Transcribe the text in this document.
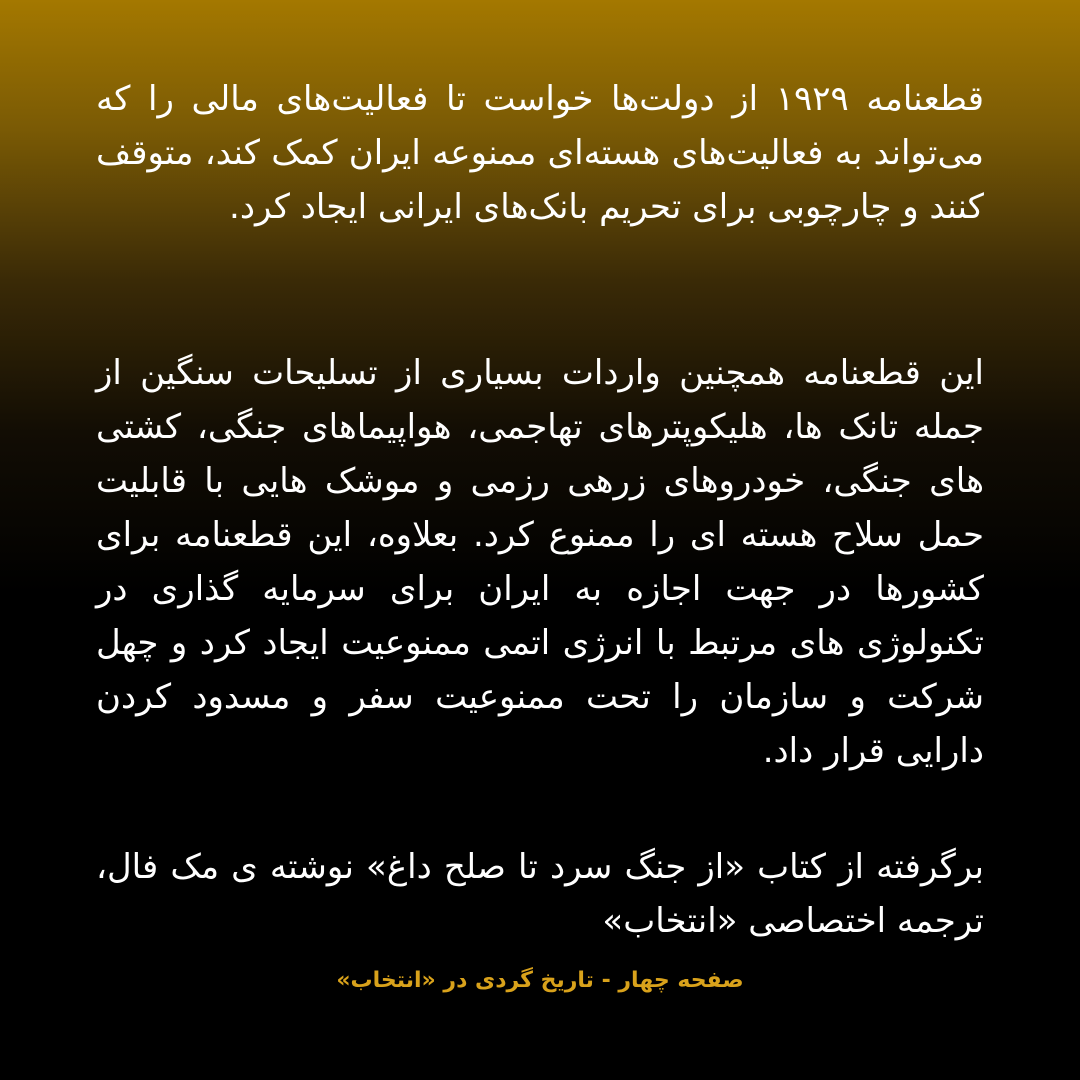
قطعنامه ۱۹۲۹ از دولت‌ها خواست تا فعالیت‌های مالی را که می‌تواند به فعالیت‌های هسته‌ای ممنوعه ایران کمک کند، متوقف کنند و چارچوبی برای تحریم بانک‌های ایرانی ایجاد کرد.

این قطعنامه همچنین واردات بسیاری از تسلیحات سنگین از جمله تانک ها، هلیکوپترهای تهاجمی، هواپیماهای جنگی، کشتی های جنگی، خودروهای زرهی رزمی و موشک هایی با قابلیت حمل سلاح هسته ای را ممنوع کرد. بعلاوه، این قطعنامه برای کشورها در جهت اجازه به ایران برای سرمایه گذاری در تکنولوژی های مرتبط با انرژی اتمی ممنوعیت ایجاد کرد و چهل شرکت و سازمان را تحت ممنوعیت سفر و مسدود کردن دارایی قرار داد.

برگرفته از کتاب «از جنگ سرد تا صلح داغ» نوشته ی مک فال، ترجمه اختصاصی «انتخاب»

صفحه چهار - تاریخ گردی در «انتخاب»
